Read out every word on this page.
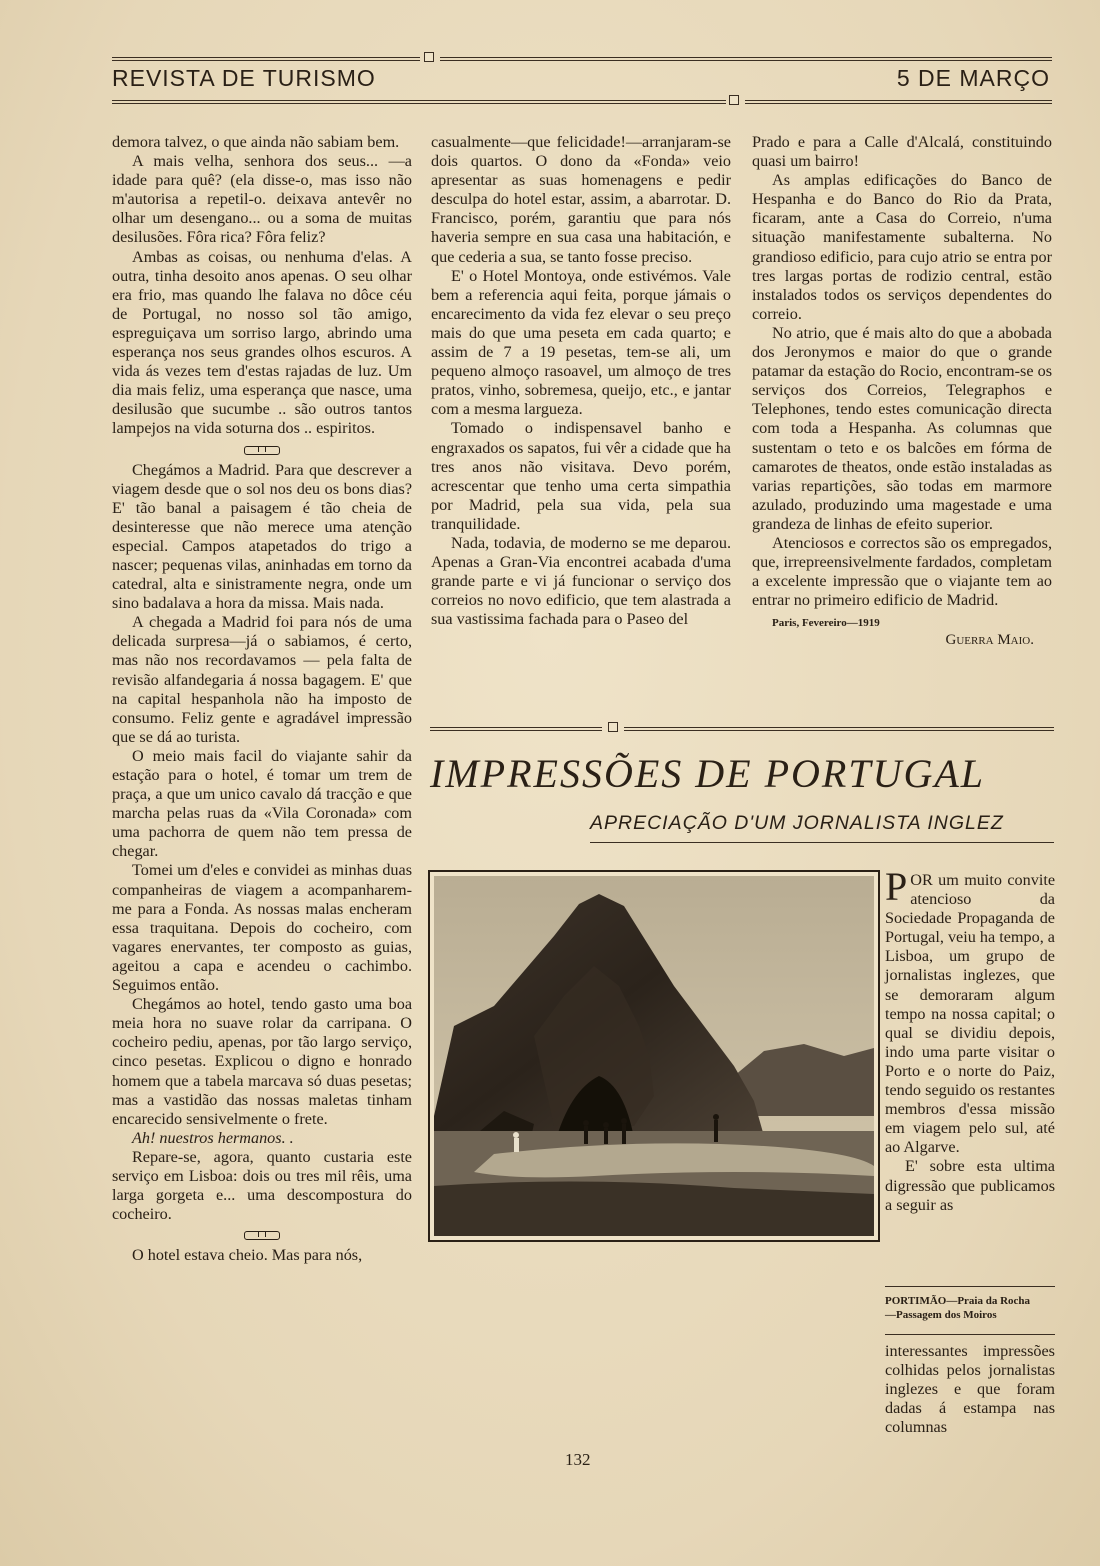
REVISTA DE TURISMO	5 DE MARÇO

demora talvez, o que ainda não sabiam bem.

A mais velha, senhora dos seus... —a idade para quê? (ela disse-o, mas isso não m'autorisa a repetil-o. deixava antevêr no olhar um desengano... ou a soma de muitas desilusões. Fôra rica? Fôra feliz?

Ambas as coisas, ou nenhuma d'elas. A outra, tinha desoito anos apenas. O seu olhar era frio, mas quando lhe falava no dôce céu de Portugal, no nosso sol tão amigo, espreguiçava um sorriso largo, abrindo uma esperança nos seus grandes olhos escuros. A vida ás vezes tem d'estas rajadas de luz. Um dia mais feliz, uma esperança que nasce, uma desilusão que sucumbe .. são outros tantos lampejos na vida soturna dos .. espiritos.

Chegámos a Madrid. Para que descrever a viagem desde que o sol nos deu os bons dias? E' tão banal a paisagem é tão cheia de desinteresse que não merece uma atenção especial. Campos atapetados do trigo a nascer; pequenas vilas, aninhadas em torno da catedral, alta e sinistramente negra, onde um sino badalava a hora da missa. Mais nada.

A chegada a Madrid foi para nós de uma delicada surpresa—já o sabiamos, é certo, mas não nos recordavamos — pela falta de revisão alfandegaria á nossa bagagem. E' que na capital hespanhola não ha imposto de consumo. Feliz gente e agradável impressão que se dá ao turista.

O meio mais facil do viajante sahir da estação para o hotel, é tomar um trem de praça, a que um unico cavalo dá tracção e que marcha pelas ruas da «Vila Coronada» com uma pachorra de quem não tem pressa de chegar.

Tomei um d'eles e convidei as minhas duas companheiras de viagem a acompanharem-me para a Fonda. As nossas malas encheram essa traquitana. Depois do cocheiro, com vagares enervantes, ter composto as guias, ageitou a capa e acendeu o cachimbo. Seguimos então.

Chegámos ao hotel, tendo gasto uma boa meia hora no suave rolar da carripana. O cocheiro pediu, apenas, por tão largo serviço, cinco pesetas. Explicou o digno e honrado homem que a tabela marcava só duas pesetas; mas a vastidão das nossas maletas tinham encarecido sensivelmente o frete.

Ah! nuestros hermanos. .

Repare-se, agora, quanto custaria este serviço em Lisboa: dois ou tres mil rêis, uma larga gorgeta e... uma descompostura do cocheiro.

O hotel estava cheio. Mas para nós,

casualmente—que felicidade!—arranjaram-se dois quartos. O dono da «Fonda» veio apresentar as suas homenagens e pedir desculpa do hotel estar, assim, a abarrotar. D. Francisco, porém, garantiu que para nós haveria sempre en sua casa una habitación, e que cederia a sua, se tanto fosse preciso.

E' o Hotel Montoya, onde estivémos. Vale bem a referencia aqui feita, porque jámais o encarecimento da vida fez elevar o seu preço mais do que uma peseta em cada quarto; e assim de 7 a 19 pesetas, tem-se ali, um pequeno almoço rasoavel, um almoço de tres pratos, vinho, sobremesa, queijo, etc., e jantar com a mesma largueza.

Tomado o indispensavel banho e engraxados os sapatos, fui vêr a cidade que ha tres anos não visitava. Devo porém, acrescentar que tenho uma certa simpathia por Madrid, pela sua vida, pela sua tranquilidade.

Nada, todavia, de moderno se me deparou. Apenas a Gran-Via encontrei acabada d'uma grande parte e vi já funcionar o serviço dos correios no novo edificio, que tem alastrada a sua vastissima fachada para o Paseo del

Prado e para a Calle d'Alcalá, constituindo quasi um bairro!

As amplas edificações do Banco de Hespanha e do Banco do Rio da Prata, ficaram, ante a Casa do Correio, n'uma situação manifestamente subalterna. No grandioso edificio, para cujo atrio se entra por tres largas portas de rodizio central, estão instalados todos os serviços dependentes do correio.

No atrio, que é mais alto do que a abobada dos Jeronymos e maior do que o grande patamar da estação do Rocio, encontram-se os serviços dos Correios, Telegraphos e Telephones, tendo estes comunicação directa com toda a Hespanha. As columnas que sustentam o teto e os balcões em fórma de camarotes de theatos, onde estão instaladas as varias repartições, são todas em marmore azulado, produzindo uma magestade e uma grandeza de linhas de efeito superior.

Atenciosos e correctos são os empregados, que, irrepreensivelmente fardados, completam a excelente impressão que o viajante tem ao entrar no primeiro edificio de Madrid.

Paris, Fevereiro—1919
Guerra Maio.
IMPRESSÕES DE PORTUGAL
APRECIAÇÃO D'UM JORNALISTA INGLEZ

POR um muito convite atencioso da Sociedade Propaganda de Portugal, veiu ha tempo, a Lisboa, um grupo de jornalistas inglezes, que se demoraram algum tempo na nossa capital; o qual se dividiu depois, indo uma parte visitar o Porto e o norte do Paiz, tendo seguido os restantes membros d'essa missão em viagem pelo sul, até ao Algarve.

E' sobre esta ultima digressão que publicamos a seguir as

PORTIMÃO—Praia da Rocha
—Passagem dos Moiros

interessantes impressões colhidas pelos jornalistas inglezes e que foram dadas á estampa nas columnas

132
